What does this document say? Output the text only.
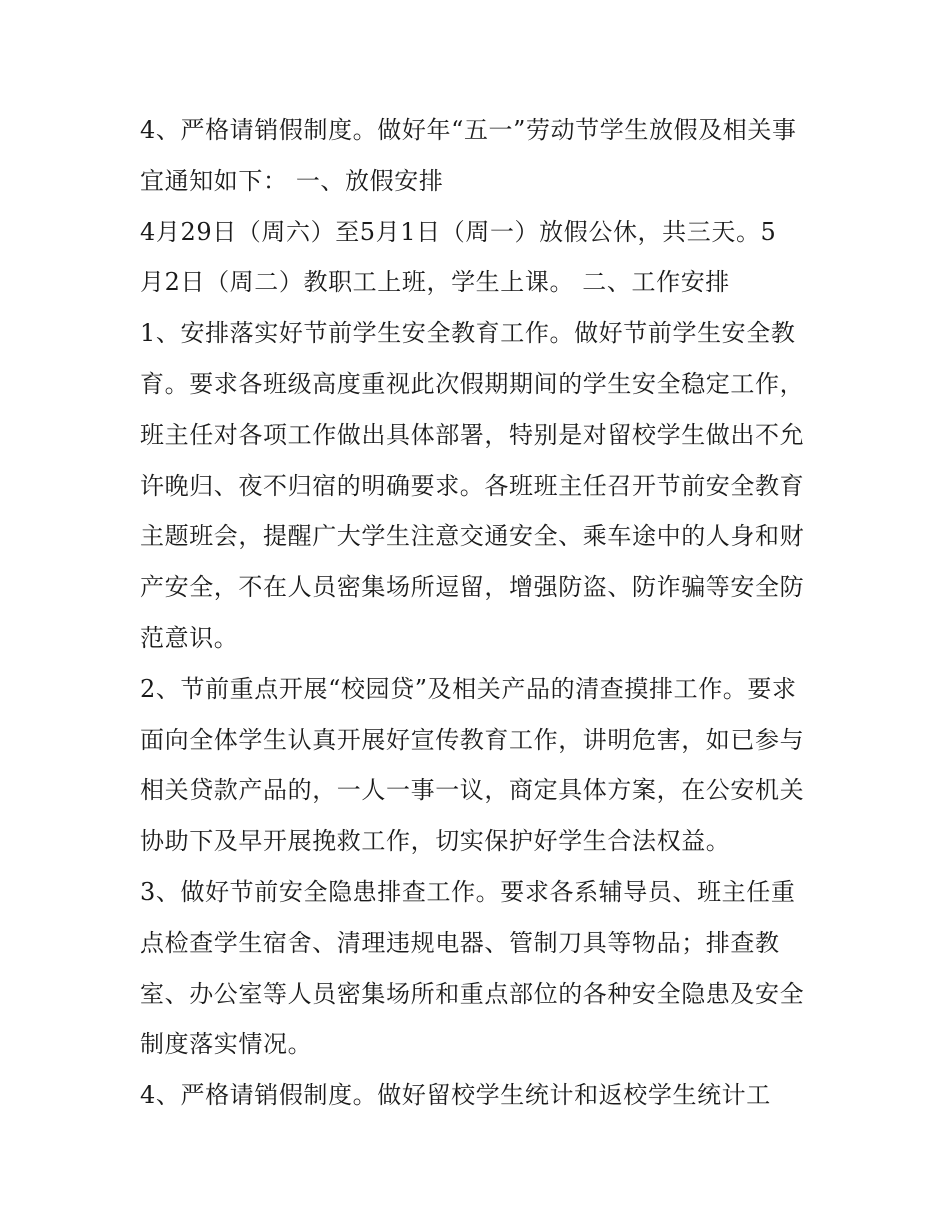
4、严格请销假制度。做好年“五一”劳动节学生放假及相关事
宜通知如下： 一、放假安排
4月29日（周六）至5月1日（周一）放假公休，共三天。5
月2日（周二）教职工上班，学生上课。 二、工作安排
1、安排落实好节前学生安全教育工作。做好节前学生安全教
育。要求各班级高度重视此次假期期间的学生安全稳定工作，
班主任对各项工作做出具体部署，特别是对留校学生做出不允
许晚归、夜不归宿的明确要求。各班班主任召开节前安全教育
主题班会，提醒广大学生注意交通安全、乘车途中的人身和财
产安全，不在人员密集场所逗留，增强防盗、防诈骗等安全防
范意识。
2、节前重点开展“校园贷”及相关产品的清查摸排工作。要求
面向全体学生认真开展好宣传教育工作，讲明危害，如已参与
相关贷款产品的，一人一事一议，商定具体方案，在公安机关
协助下及早开展挽救工作，切实保护好学生合法权益。
3、做好节前安全隐患排查工作。要求各系辅导员、班主任重
点检查学生宿舍、清理违规电器、管制刀具等物品；排查教
室、办公室等人员密集场所和重点部位的各种安全隐患及安全
制度落实情况。
4、严格请销假制度。做好留校学生统计和返校学生统计工
